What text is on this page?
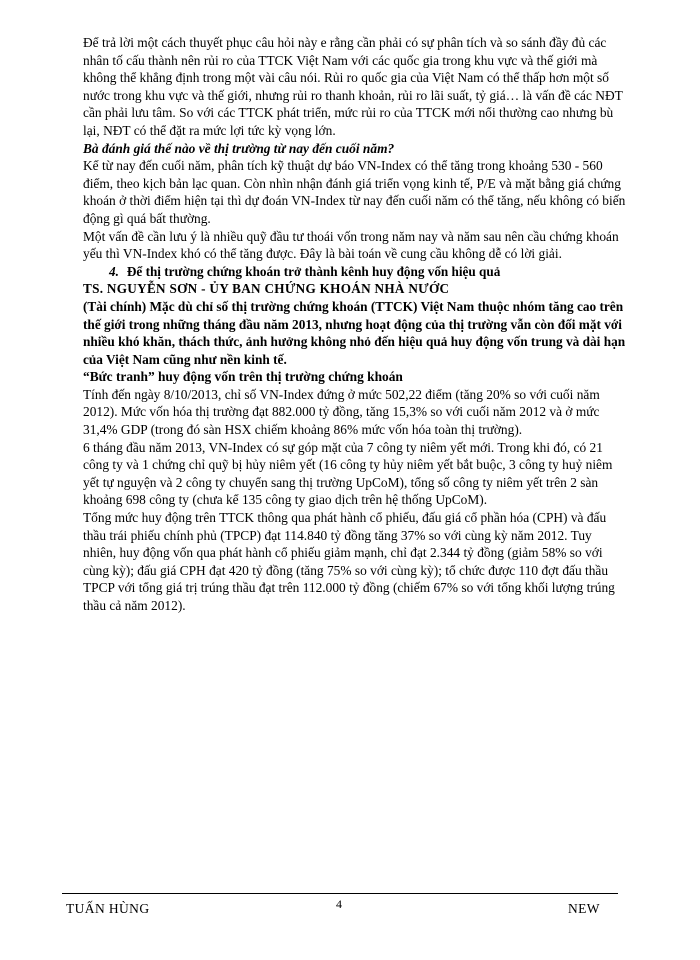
Để trả lời một cách thuyết phục câu hỏi này e rằng cần phải có sự phân tích và so sánh đầy đủ các nhân tố cấu thành nên rủi ro của TTCK Việt Nam với các quốc gia trong khu vực và thế giới mà không thể khẳng định trong một vài câu nói. Rủi ro quốc gia của Việt Nam có thể thấp hơn một số nước trong khu vực và thế giới, nhưng rủi ro thanh khoản, rủi ro lãi suất, tỷ giá… là vấn đề các NĐT cần phải lưu tâm. So với các TTCK phát triển, mức rủi ro của TTCK mới nổi thường cao nhưng bù lại, NĐT có thể đặt ra mức lợi tức kỳ vọng lớn.

Bà đánh giá thế nào về thị trường từ nay đến cuối năm?

Kể từ nay đến cuối năm, phân tích kỹ thuật dự báo VN-Index có thể tăng trong khoảng 530 - 560 điểm, theo kịch bản lạc quan. Còn nhìn nhận đánh giá triển vọng kinh tế, P/E và mặt bằng giá chứng khoán ở thời điểm hiện tại thì dự đoán VN-Index từ nay đến cuối năm có thể tăng, nếu không có biến động gì quá bất thường.

Một vấn đề cần lưu ý là nhiều quỹ đầu tư thoái vốn trong năm nay và năm sau nên cầu chứng khoán yếu thì VN-Index khó có thể tăng được. Đây là bài toán về cung cầu không dễ có lời giải.

4. Để thị trường chứng khoán trở thành kênh huy động vốn hiệu quả

TS. NGUYỄN SƠN - ỦY BAN CHỨNG KHOÁN NHÀ NƯỚC

(Tài chính) Mặc dù chỉ số thị trường chứng khoán (TTCK) Việt Nam thuộc nhóm tăng cao trên thế giới trong những tháng đầu năm 2013, nhưng hoạt động của thị trường vẫn còn đối mặt với nhiều khó khăn, thách thức, ảnh hưởng không nhỏ đến hiệu quả huy động vốn trung và dài hạn của Việt Nam cũng như nền kinh tế.

“Bức tranh” huy động vốn trên thị trường chứng khoán

Tính đến ngày 8/10/2013, chỉ số VN-Index đứng ở mức 502,22 điểm (tăng 20% so với cuối năm 2012). Mức vốn hóa thị trường đạt 882.000 tỷ đồng, tăng 15,3% so với cuối năm 2012 và ở mức 31,4% GDP (trong đó sàn HSX chiếm khoảng 86% mức vốn hóa toàn thị trường).

6 tháng đầu năm 2013, VN-Index có sự góp mặt của 7 công ty niêm yết mới. Trong khi đó, có 21 công ty và 1 chứng chỉ quỹ bị hủy niêm yết (16 công ty hủy niêm yết bắt buộc, 3 công ty huỷ niêm yết tự nguyện và 2 công ty chuyển sang thị trường UpCoM), tổng số công ty niêm yết trên 2 sàn khoảng 698 công ty (chưa kể 135 công ty giao dịch trên hệ thống UpCoM).

Tổng mức huy động trên TTCK thông qua phát hành cổ phiếu, đấu giá cổ phần hóa (CPH) và đấu thầu trái phiếu chính phủ (TPCP) đạt 114.840 tỷ đồng tăng 37% so với cùng kỳ năm 2012. Tuy nhiên, huy động vốn qua phát hành cổ phiếu giảm mạnh, chỉ đạt 2.344 tỷ đồng (giảm 58% so với cùng kỳ); đấu giá CPH đạt 420 tỷ đồng (tăng 75% so với cùng kỳ); tổ chức được 110 đợt đấu thầu TPCP với tổng giá trị trúng thầu đạt trên 112.000 tỷ đồng (chiếm 67% so với tổng khối lượng trúng thầu cả năm 2012).

TUẤN HÙNG	4	NEW
